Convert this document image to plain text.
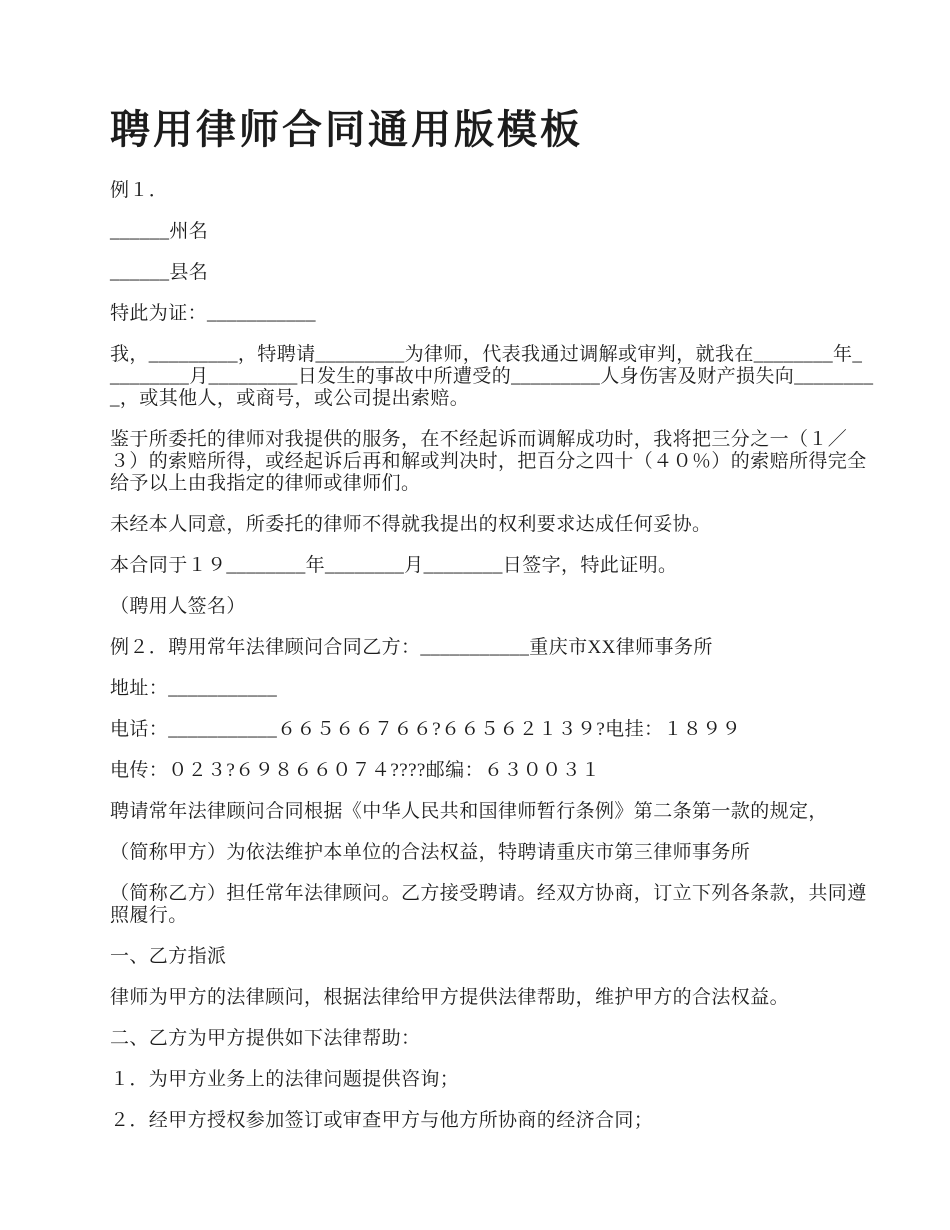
聘用律师合同通用版模板
例１．
______州名
______县名
特此为证：___________
我，_________，特聘请_________为律师，代表我通过调解或审判，就我在________年_
________月_________日发生的事故中所遭受的_________人身伤害及财产损失向________
_，或其他人，或商号，或公司提出索赔。
鉴于所委托的律师对我提供的服务，在不经起诉而调解成功时，我将把三分之一（１／
３）的索赔所得，或经起诉后再和解或判决时，把百分之四十（４０％）的索赔所得完全
给予以上由我指定的律师或律师们。
未经本人同意，所委托的律师不得就我提出的权利要求达成任何妥协。
本合同于１９________年________月________日签字，特此证明。
（聘用人签名）
例２．聘用常年法律顾问合同乙方：___________重庆市XX律师事务所
地址：___________
电话：___________６６５６６７６６?６６５６２１３９?电挂：１８９９
电传：０２３?６９８６６０７４????邮编：６３００３１
聘请常年法律顾问合同根据《中华人民共和国律师暂行条例》第二条第一款的规定，
（简称甲方）为依法维护本单位的合法权益，特聘请重庆市第三律师事务所
（简称乙方）担任常年法律顾问。乙方接受聘请。经双方协商，订立下列各条款，共同遵
照履行。
一、乙方指派
律师为甲方的法律顾问，根据法律给甲方提供法律帮助，维护甲方的合法权益。
二、乙方为甲方提供如下法律帮助：
１．为甲方业务上的法律问题提供咨询；
２．经甲方授权参加签订或审查甲方与他方所协商的经济合同；
